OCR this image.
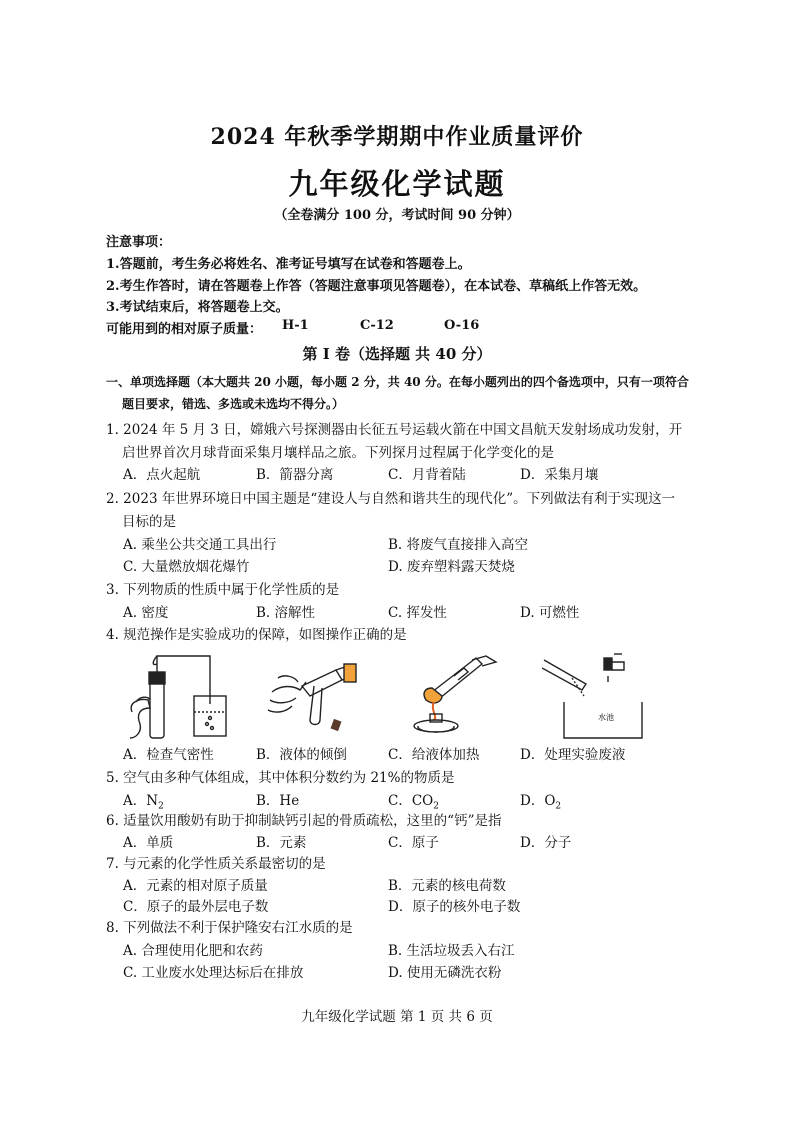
2024 年秋季学期期中作业质量评价
九年级化学试题
（全卷满分 100 分，考试时间 90 分钟）
注意事项：
1.答题前，考生务必将姓名、准考证号填写在试卷和答题卷上。
2.考生作答时，请在答题卷上作答（答题注意事项见答题卷），在本试卷、草稿纸上作答无效。
3.考试结束后，将答题卷上交。
可能用到的相对原子质量： H-1	C-12	O-16
第 I 卷（选择题 共 40 分）
一、单项选择题（本大题共 20 小题，每小题 2 分，共 40 分。在每小题列出的四个备选项中，只有一项符合
题目要求，错选、多选或未选均不得分。）
1. 2024 年 5 月 3 日，嫦娥六号探测器由长征五号运载火箭在中国文昌航天发射场成功发射，开
启世界首次月球背面采集月壤样品之旅。下列探月过程属于化学变化的是
A．点火起航	B．箭器分离	C．月背着陆	D．采集月壤
2. 2023 年世界环境日中国主题是“建设人与自然和谐共生的现代化”。下列做法有利于实现这一
目标的是
A. 乘坐公共交通工具出行	B. 将废气直接排入高空
C. 大量燃放烟花爆竹	D. 废弃塑料露天焚烧
3. 下列物质的性质中属于化学性质的是
A. 密度	B. 溶解性	C. 挥发性	D. 可燃性
4. 规范操作是实验成功的保障，如图操作正确的是
水池
A．检查气密性	B．液体的倾倒	C．给液体加热	D．处理实验废液
5. 空气由多种气体组成，其中体积分数约为 21%的物质是
A．$N_2$	B．He	C．$CO_2$	D．$O_2$
6. 适量饮用酸奶有助于抑制缺钙引起的骨质疏松，这里的“钙”是指
A．单质	B．元素	C．原子	D．分子
7. 与元素的化学性质关系最密切的是
A．元素的相对原子质量	B．元素的核电荷数
C．原子的最外层电子数	D．原子的核外电子数
8. 下列做法不利于保护隆安右江水质的是
A. 合理使用化肥和农药	B. 生活垃圾丢入右江
C. 工业废水处理达标后在排放	D. 使用无磷洗衣粉
九年级化学试题 第 1 页 共 6 页
